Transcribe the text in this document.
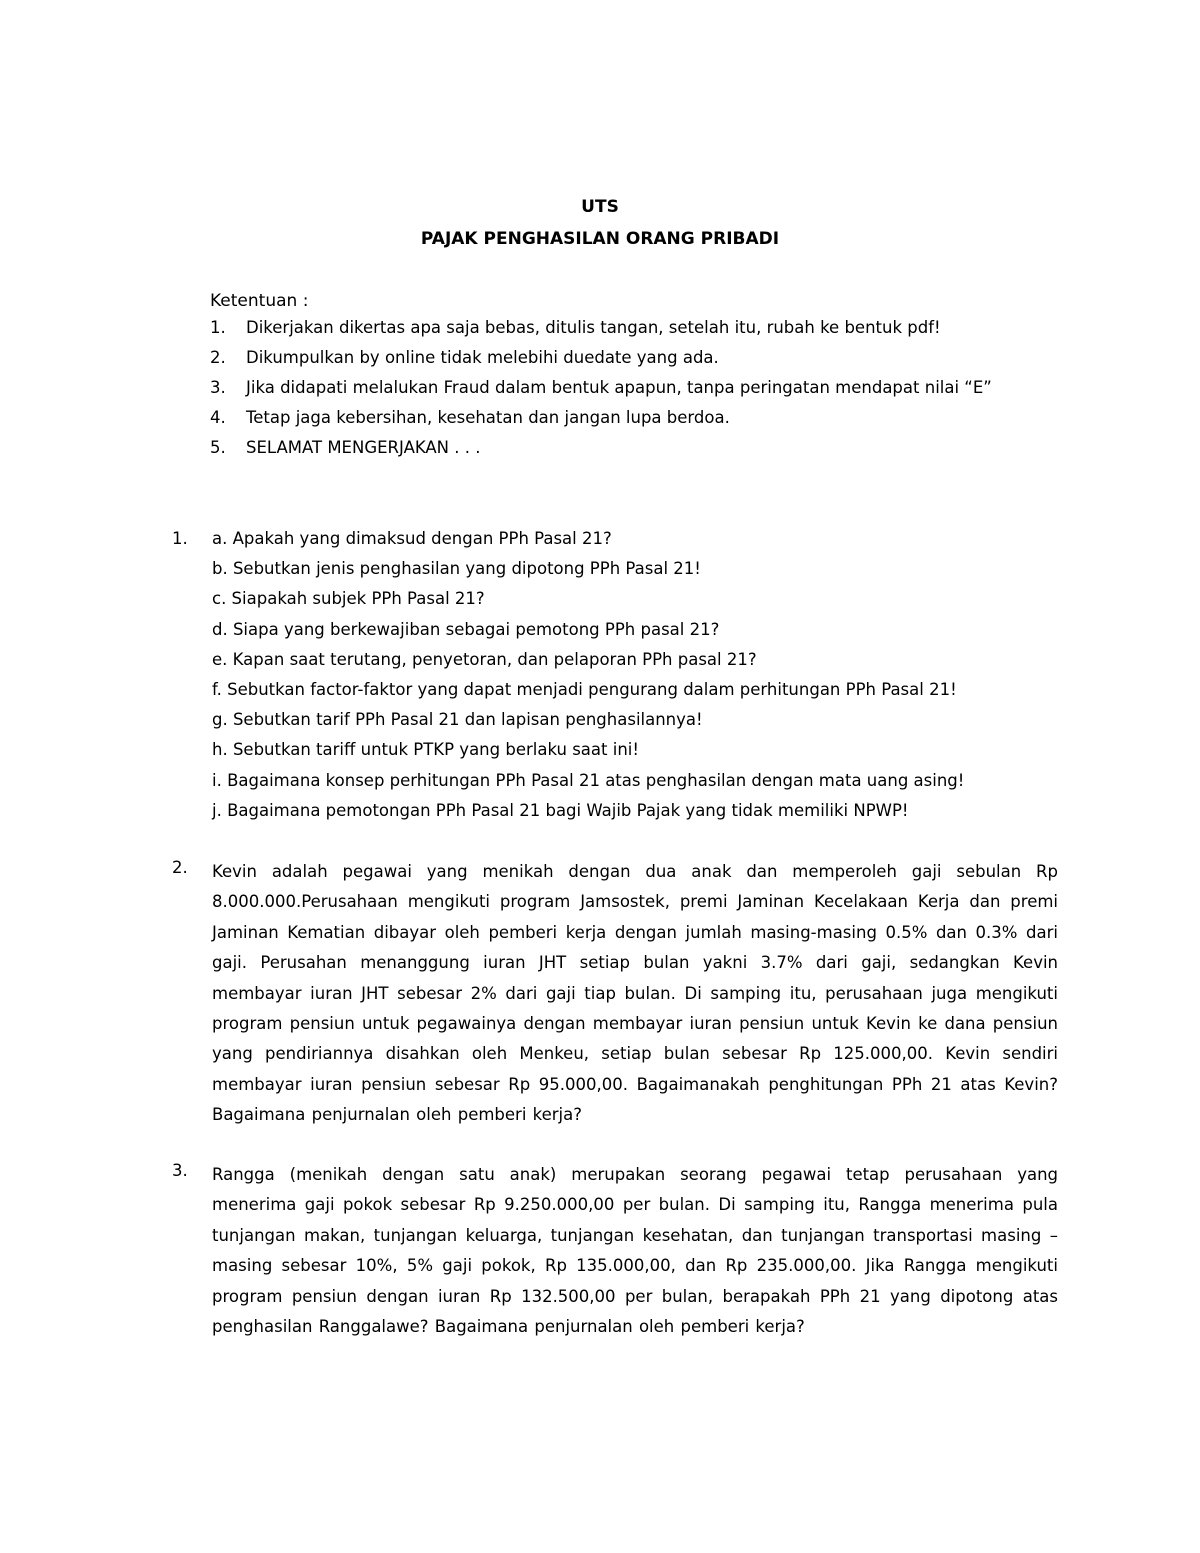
UTS
PAJAK PENGHASILAN ORANG PRIBADI

Ketentuan :

1. Dikerjakan dikertas apa saja bebas, ditulis tangan, setelah itu, rubah ke bentuk pdf!
2. Dikumpulkan by online tidak melebihi duedate yang ada.
3. Jika didapati melalukan Fraud dalam bentuk apapun, tanpa peringatan mendapat nilai “E”
4. Tetap jaga kebersihan, kesehatan dan jangan lupa berdoa.
5. SELAMAT MENGERJAKAN . . .
1. a. Apakah yang dimaksud dengan PPh Pasal 21?
b. Sebutkan jenis penghasilan yang dipotong PPh Pasal 21!
c. Siapakah subjek PPh Pasal 21?
d. Siapa yang berkewajiban sebagai pemotong PPh pasal 21?
e. Kapan saat terutang, penyetoran, dan pelaporan PPh pasal 21?
f. Sebutkan factor-faktor yang dapat menjadi pengurang dalam perhitungan PPh Pasal 21!
g. Sebutkan tarif PPh Pasal 21 dan lapisan penghasilannya!
h. Sebutkan tariff untuk PTKP yang berlaku saat ini!
i. Bagaimana konsep perhitungan PPh Pasal 21 atas penghasilan dengan mata uang asing!
j. Bagaimana pemotongan PPh Pasal 21 bagi Wajib Pajak yang tidak memiliki NPWP!
2. Kevin adalah pegawai yang menikah dengan dua anak dan memperoleh gaji sebulan Rp 8.000.000.Perusahaan mengikuti program Jamsostek, premi Jaminan Kecelakaan Kerja dan premi Jaminan Kematian dibayar oleh pemberi kerja dengan jumlah masing-masing 0.5% dan 0.3% dari gaji. Perusahan menanggung iuran JHT setiap bulan yakni 3.7% dari gaji, sedangkan Kevin membayar iuran JHT sebesar 2% dari gaji tiap bulan. Di samping itu, perusahaan juga mengikuti program pensiun untuk pegawainya dengan membayar iuran pensiun untuk Kevin ke dana pensiun yang pendiriannya disahkan oleh Menkeu, setiap bulan sebesar Rp 125.000,00. Kevin sendiri membayar iuran pensiun sebesar Rp 95.000,00. Bagaimanakah penghitungan PPh 21 atas Kevin? Bagaimana penjurnalan oleh pemberi kerja?

3. Rangga (menikah dengan satu anak) merupakan seorang pegawai tetap perusahaan yang menerima gaji pokok sebesar Rp 9.250.000,00 per bulan. Di samping itu, Rangga menerima pula tunjangan makan, tunjangan keluarga, tunjangan kesehatan, dan tunjangan transportasi masing – masing sebesar 10%, 5% gaji pokok, Rp 135.000,00, dan Rp 235.000,00. Jika Rangga mengikuti program pensiun dengan iuran Rp 132.500,00 per bulan, berapakah PPh 21 yang dipotong atas penghasilan Ranggalawe? Bagaimana penjurnalan oleh pemberi kerja?
